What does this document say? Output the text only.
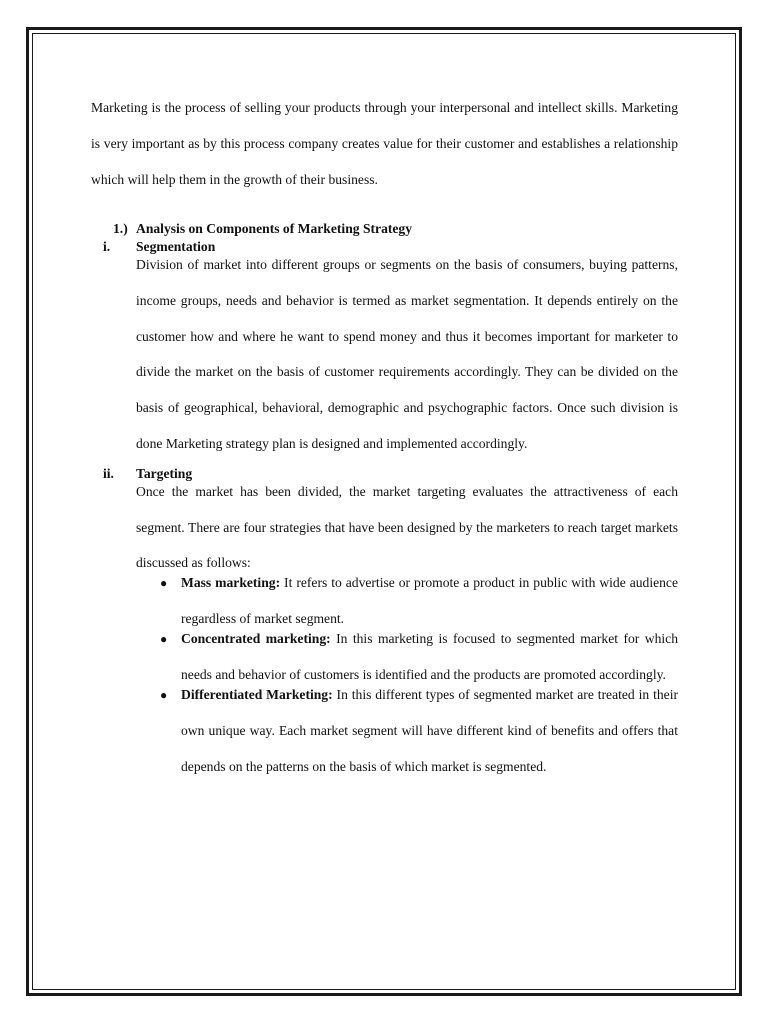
Marketing is the process of selling your products through your interpersonal and intellect skills. Marketing is very important as by this process company creates value for their customer and establishes a relationship which will help them in the growth of their business.

1.) Analysis on Components of Marketing Strategy
i.	Segmentation

Division of market into different groups or segments on the basis of consumers, buying patterns, income groups, needs and behavior is termed as market segmentation. It depends entirely on the customer how and where he want to spend money and thus it becomes important for marketer to divide the market on the basis of customer requirements accordingly. They can be divided on the basis of geographical, behavioral, demographic and psychographic factors. Once such division is done Marketing strategy plan is designed and implemented accordingly.

ii.	Targeting

Once the market has been divided, the market targeting evaluates the attractiveness of each segment. There are four strategies that have been designed by the marketers to reach target markets discussed as follows:

● Mass marketing: It refers to advertise or promote a product in public with wide audience regardless of market segment.
● Concentrated marketing: In this marketing is focused to segmented market for which needs and behavior of customers is identified and the products are promoted accordingly.
● Differentiated Marketing: In this different types of segmented market are treated in their own unique way. Each market segment will have different kind of benefits and offers that depends on the patterns on the basis of which market is segmented.
